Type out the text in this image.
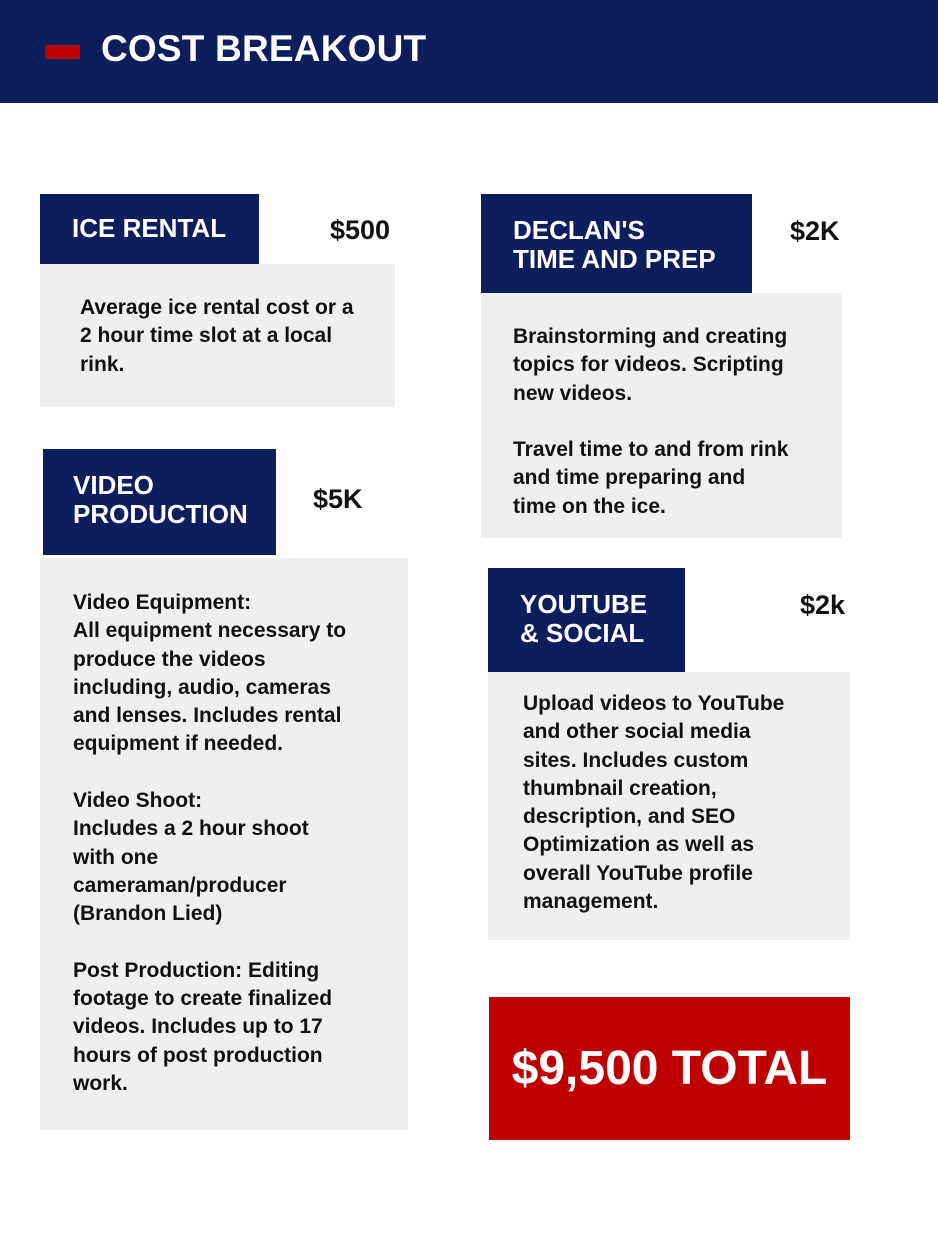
COST BREAKOUT
ICE RENTAL	$500
Average ice rental cost or a
2 hour time slot at a local
rink.
DECLAN'S
TIME AND PREP
$2K
Brainstorming and creating
topics for videos. Scripting
new videos.

Travel time to and from rink
and time preparing and
time on the ice.
VIDEO
PRODUCTION	$5K
Video Equipment:
All equipment necessary to
produce the videos
including, audio, cameras
and lenses. Includes rental
equipment if needed.

Video Shoot:
Includes a 2 hour shoot
with one
cameraman/producer
(Brandon Lied)

Post Production: Editing
footage to create finalized
videos. Includes up to 17
hours of post production
work.
YOUTUBE
& SOCIAL
$2k
Upload videos to YouTube
and other social media
sites. Includes custom
thumbnail creation,
description, and SEO
Optimization as well as
overall YouTube profile
management.
$9,500 TOTAL
